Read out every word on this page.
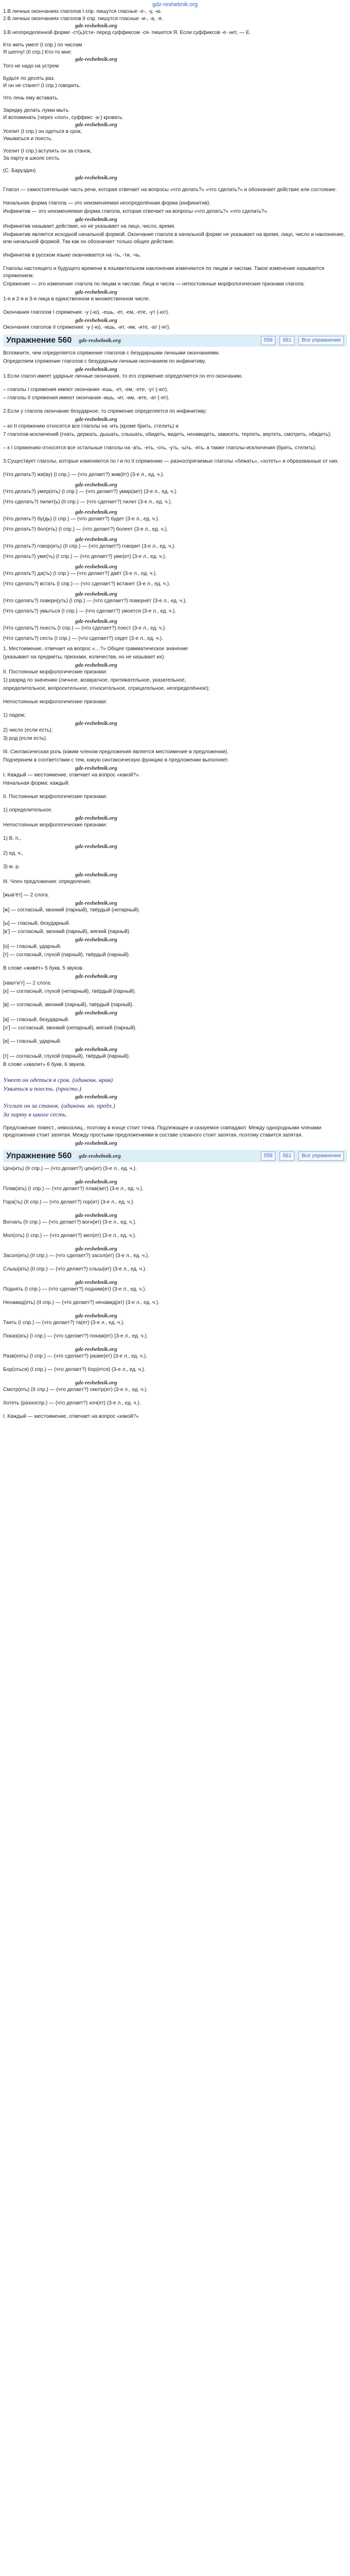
gdz-reshebnik.org

1.В личных окончаниях глаголов I спр. пишутся гласные -е-, -у, -ю.

2.В личных окончаниях глаголов II спр. пишутся гласные -и-, -а, -я.

gdz-reshebnik.org

3.В неопределенной форме -ст(ь)/сти- перед суффиксом -ся- пишется Я. Если суффиксов -е- нет, — Е.

Кто жить умел! (I спр.) по числам

Я шепчу! (II спр.) Кто-то мне:

gdz-reshebnik.org

Того не надо на устрем

Будьте по десять раз.

И он не станет! (I спр.) говорить.

Что лень ему вставать.

Зарядку делать лукки мыть

И вспоминать (через «пол», суффикс -а-) кровать.

gdz-reshebnik.org

Уселит (I спр.) он одеться в срок,

Умываться и поесть.

Уселит (I спр.) вступить он за станок,

За парту в школе сесть.

(С. Баруздин)

gdz-reshebnik.org

Глагол — самостоятельная часть речи, которая отвечает на вопросы «что делать?» «что сделать?» и обозначает действие или состояние.

Начальная форма глагола — это неизменяемая неопределённая форма (инфинитив).

Инфинитив — это неизменяемая форма глагола, которая отвечает на вопросы «что делать?» «что сделать?».

gdz-reshebnik.org

Инфинитив называет действие, но не указывает на лицо, число, время.

Инфинитив является исходной начальной формой. Окончание глагола в начальной форме не указывает на время, лицо, число и наклонение, или начальной формой. Так как он обозначает только общее действие.

Инфинитив в русском языке оканчивается на -ть, -ти, -чь.

Глаголы настоящего и будущего времени в изъявительном наклонении изменяются по лицам и числам. Такое изменение называется спряжением.

Спряжение — это изменение глагола по лицам и числам. Лица и числа — непостоянные морфологические признаки глагола.

gdz-reshebnik.org

1-я и 2-я и 3-я лица в единственном и множественном числе.

Окончания глаголов I спряжения: -у (-ю), -ешь, -ет, -ем, -ете, -ут (-ют).

gdz-reshebnik.org

Окончания глаголов II спряжения: -у (-ю), -ишь, -ит, -им, -ите, -ат (-ят).

Упражнение 560 gdz-reshebnik.org	559	561	Все упражнения

Вспомните, чем определяется спряжение глаголов с безударными личными окончаниями.

Определяем спряжение глаголов с безударным личным окончанием по инфинитиву.

gdz-reshebnik.org

1.Если глагол имеет ударные личные окончания, то его спряжение определяется по его окончанию.

– глаголы I спряжения имеют окончания -ешь, -ет, -ем, -ете, -ут (-ют).

– глаголы II спряжения имеют окончания -ишь, -ит, -им, -ите, -ат (-ят).

2.Если у глагола окончание безударное, то спряжение определяется по инфинитиву:

gdz-reshebnik.org

– ко II спряжению относятся все глаголы на -ить (кроме брить, стелить) и

7 глаголов-исключений (гнать, держать, дышать, слышать, обидеть, видеть, ненавидеть, зависеть, терпеть, вертеть, смотреть, обидеть);

– к I спряжению относятся все остальные глаголы на -ать, -еть, -оть, -уть, -ыть, -ять, а также глаголы-исключения (брить, стелить).

3.Существует глаголы, которые изменяются по I и по II спряжению — разноспрягаемые глаголы «бежать», «хотеть» и образованные от них.

(Что делать?) жи(ву) (I спр.) — (что делает?) жив(ёт) (3-е л., ед. ч.).

gdz-reshebnik.org

(Что делать?) умер(еть) (I спр.) — (что делает?) умир(ает) (3-е л., ед. ч.).

(Что сделать?) пилит(ь) (II спр.) — (что сделает?) пилит (3-е л., ед. ч.).

gdz-reshebnik.org

(Что делать?) бу(дь) (I спр.) — (что делает?) будет (3-е л., ед. ч.).

(Что делать?) бол(еть) (I спр.) — (что делает?) болеет (3-е л., ед. ч.).

gdz-reshebnik.org

(Что делать?) говор(ить) (II спр.) — (что делает?) говорит (3-е л., ед. ч.).

(Что делать?) уме(ть) (I спр.) — (что делает?) уме(ет) (3-е л., ед. ч.).

gdz-reshebnik.org

(Что делать?) да(ть) (I спр.) — (что делает?) даёт (3-е л., ед. ч.).

(Что сделать?) встать (I спр.) — (что сделает?) встанет (3-е л., ед. ч.).

gdz-reshebnik.org

(Что сделать?) поверн(уть) (I спр.) — (что сделает?) повернёт (3-е л., ед. ч.).

(Что сделать?) умыться (I спр.) — (что сделает?) умоется (3-е л., ед. ч.).

gdz-reshebnik.org

(Что сделать?) поесть (I спр.) — (что сделает?) поест (3-е л., ед. ч.).

(Что сделать?) сесть (I спр.) — (что сделает?) сядет (3-е л., ед. ч.).

1. Местоимение, отвечает на вопрос «…?» Общее грамматическое значение

(указывает на предметы, признаки, количества, но не называет их).

gdz-reshebnik.org

II. Постоянные морфологические признаки:

1) разряд по значению (личное, возвратное, притяжательное, указательное,

определительное, вопросительное, относительное, отрицательное, неопределённое);

Непостоянные морфологические признаки:

1) падеж;

gdz-reshebnik.org

2) число (если есть);

3) род (если есть).

III. Синтаксическая роль (каким членом предложения является местоимение в предложении).

Подчеркнем в соответствии с тем, какую синтаксическую функцию в предложении выполняет.

gdz-reshebnik.org

I. Каждый — местоимение, отвечает на вопрос «какой?».

Начальная форма: каждый.

II. Постоянные морфологические признаки:

1) определительное.

gdz-reshebnik.org

Непостоянные морфологические признаки:

1) В. п.,

gdz-reshebnik.org

2) ед. ч.,

3) м. р.

gdz-reshebnik.org

III. Член предложения: определение.

[жыв’ёт] — 2 слога.

gdz-reshebnik.org

[ж] — согласный, звонкий (парный), твёрдый (непарный).

[ы] — гласный, безударный.

[в’] — согласный, звонкий (парный), мягкий (парный).

gdz-reshebnik.org

[о] — гласный, ударный.

[т] — согласный, глухой (парный), твёрдый (парный).

В слове «живёт» 5 букв, 5 звуков.

gdz-reshebnik.org

[хвал’и’т] — 2 слога.

[х] — согласный, глухой (непарный), твёрдый (парный).

[в] — согласный, звонкий (парный), твёрдый (парный).

gdz-reshebnik.org

[а] — гласный, безударный.

[л’] — согласный, звонкий (непарный), мягкий (парный).

[и] — гласный, ударный.

gdz-reshebnik.org

[т] — согласный, глухой (парный), твёрдый (парный).

В слове «хвалит» 6 букв, 6 звуков.

Умеет он одеться в срок. (одиночн. нрав)

Умыться и поесть. (просто.)

gdz-reshebnik.org

Уселит он за станок. (одиночн. нп. предл.)

За парту в школе сесть.

Предложение повест., невосклиц., поэтому в конце стоит точка. Подлежащее и сказуемое совпадают. Между однородными членами предложения стоит запятая. Между простыми предложениями в составе сложного стоит запятая, поэтому ставится запятая.

gdz-reshebnik.org
Упражнение 560 gdz-reshebnik.org	559	561	Все упражнения

Цен(ить) (II спр.) — (что делает?) цен(ит) (3-е л., ед. ч.).

gdz-reshebnik.org

Плав(ать) (I спр.) — (что делает?) плав(ает) (3-е л., ед. ч.).

Гора(ть) (II спр.) — (что делает?) гор(ит) (3-е л., ед. ч.).

gdz-reshebnik.org

Вогнать (II спр.) — (что делает?) вогн(ит) (3-е л., ед. ч.).

Мол(оть) (I спр.) — (что делает?) мел(ет) (3-е л., ед. ч.).

gdz-reshebnik.org

Засол(ить) (II спр.) — (что сделает?) засол(ит) (3-е л., ед. ч.).

Слыш(ать) (II спр.) — (что делает?) слыш(ит) (3-е л., ед. ч.).

gdz-reshebnik.org

Поднять (I спр.) — (что сделает?) подним(ет) (3-е л., ед. ч.).

Ненавид(еть) (II спр.) — (что делает?) ненавид(ит) (3-е л., ед. ч.).

gdz-reshebnik.org

Таять (I спр.) — (что делает?) та(ет) (3-е л., ед. ч.).

Показ(ать) (I спр.) — (что сделает?) покаж(ет) (3-е л., ед. ч.).

gdz-reshebnik.org

Разв(еять) (I спр.) — (что сделает?) разве(ет) (3-е л., ед. ч.).

Бор(оться) (I спр.) — (что делает?) бор(ется) (3-е л., ед. ч.).

gdz-reshebnik.org

Смотр(еть) (II спр.) — (что делает?) смотр(ит) (3-е л., ед. ч.).

Хотеть (разноспр.) — (что делает?) хоч(ет) (3-е л., ед. ч.).

I. Каждый — местоимение, отвечает на вопрос «какой?»
